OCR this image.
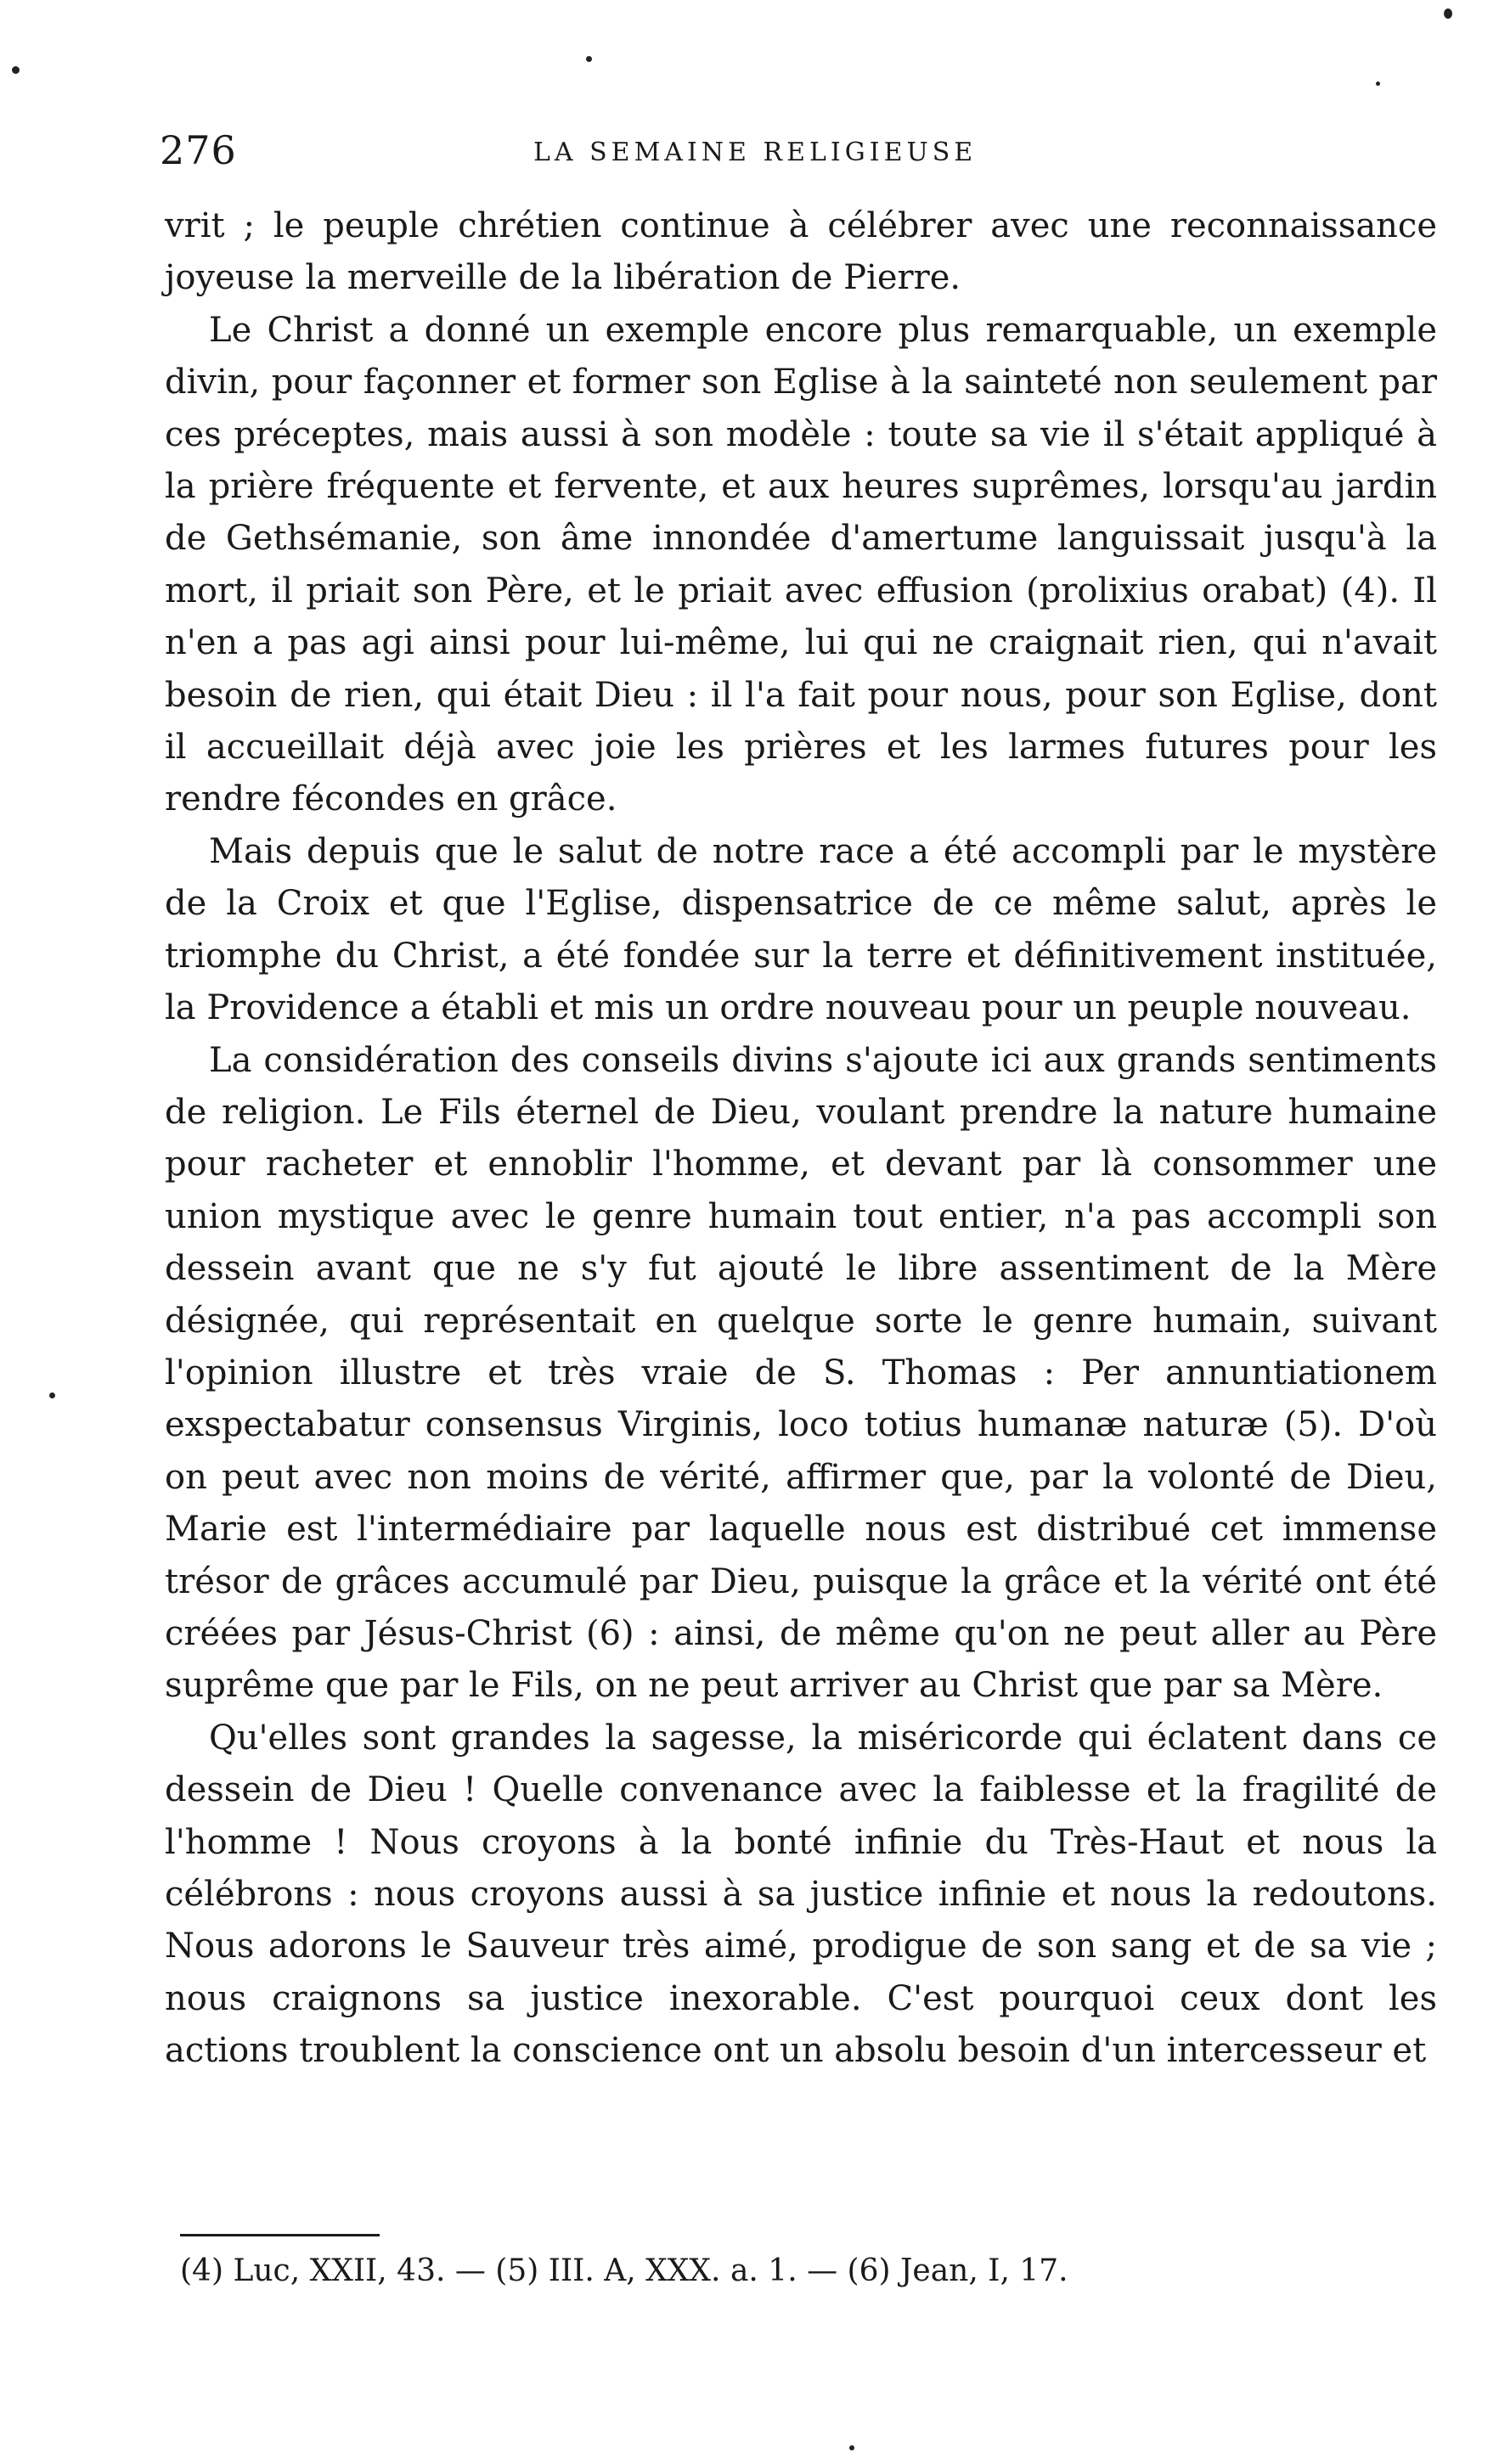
276	LA SEMAINE RELIGIEUSE

vrit ; le peuple chrétien continue à célébrer avec une reconnaissance joyeuse la merveille de la libération de Pierre.

Le Christ a donné un exemple encore plus remarquable, un exemple divin, pour façonner et former son Eglise à la sainteté non seulement par ces préceptes, mais aussi à son modèle : toute sa vie il s'était appliqué à la prière fréquente et fervente, et aux heures suprêmes, lorsqu'au jardin de Gethsémanie, son âme innondée d'amertume languissait jusqu'à la mort, il priait son Père, et le priait avec effusion (prolixius orabat) (4). Il n'en a pas agi ainsi pour lui-même, lui qui ne craignait rien, qui n'avait besoin de rien, qui était Dieu : il l'a fait pour nous, pour son Eglise, dont il accueillait déjà avec joie les prières et les larmes futures pour les rendre fécondes en grâce.

Mais depuis que le salut de notre race a été accompli par le mystère de la Croix et que l'Eglise, dispensatrice de ce même salut, après le triomphe du Christ, a été fondée sur la terre et définitivement instituée, la Providence a établi et mis un ordre nouveau pour un peuple nouveau.

La considération des conseils divins s'ajoute ici aux grands sentiments de religion. Le Fils éternel de Dieu, voulant prendre la nature humaine pour racheter et ennoblir l'homme, et devant par là consommer une union mystique avec le genre humain tout entier, n'a pas accompli son dessein avant que ne s'y fut ajouté le libre assentiment de la Mère désignée, qui représentait en quelque sorte le genre humain, suivant l'opinion illustre et très vraie de S. Thomas : Per annuntiationem exspectabatur consensus Virginis, loco totius humanæ naturæ (5). D'où on peut avec non moins de vérité, affirmer que, par la volonté de Dieu, Marie est l'intermédiaire par laquelle nous est distribué cet immense trésor de grâces accumulé par Dieu, puisque la grâce et la vérité ont été créées par Jésus-Christ (6) : ainsi, de même qu'on ne peut aller au Père suprême que par le Fils, on ne peut arriver au Christ que par sa Mère.

Qu'elles sont grandes la sagesse, la miséricorde qui éclatent dans ce dessein de Dieu ! Quelle convenance avec la faiblesse et la fragilité de l'homme ! Nous croyons à la bonté infinie du Très-Haut et nous la célébrons : nous croyons aussi à sa justice infinie et nous la redoutons. Nous adorons le Sauveur très aimé, prodigue de son sang et de sa vie ; nous craignons sa justice inexorable. C'est pourquoi ceux dont les actions troublent la conscience ont un absolu besoin d'un intercesseur et

(4) Luc, XXII, 43. — (5) III. A, XXX. a. 1. — (6) Jean, I, 17.
